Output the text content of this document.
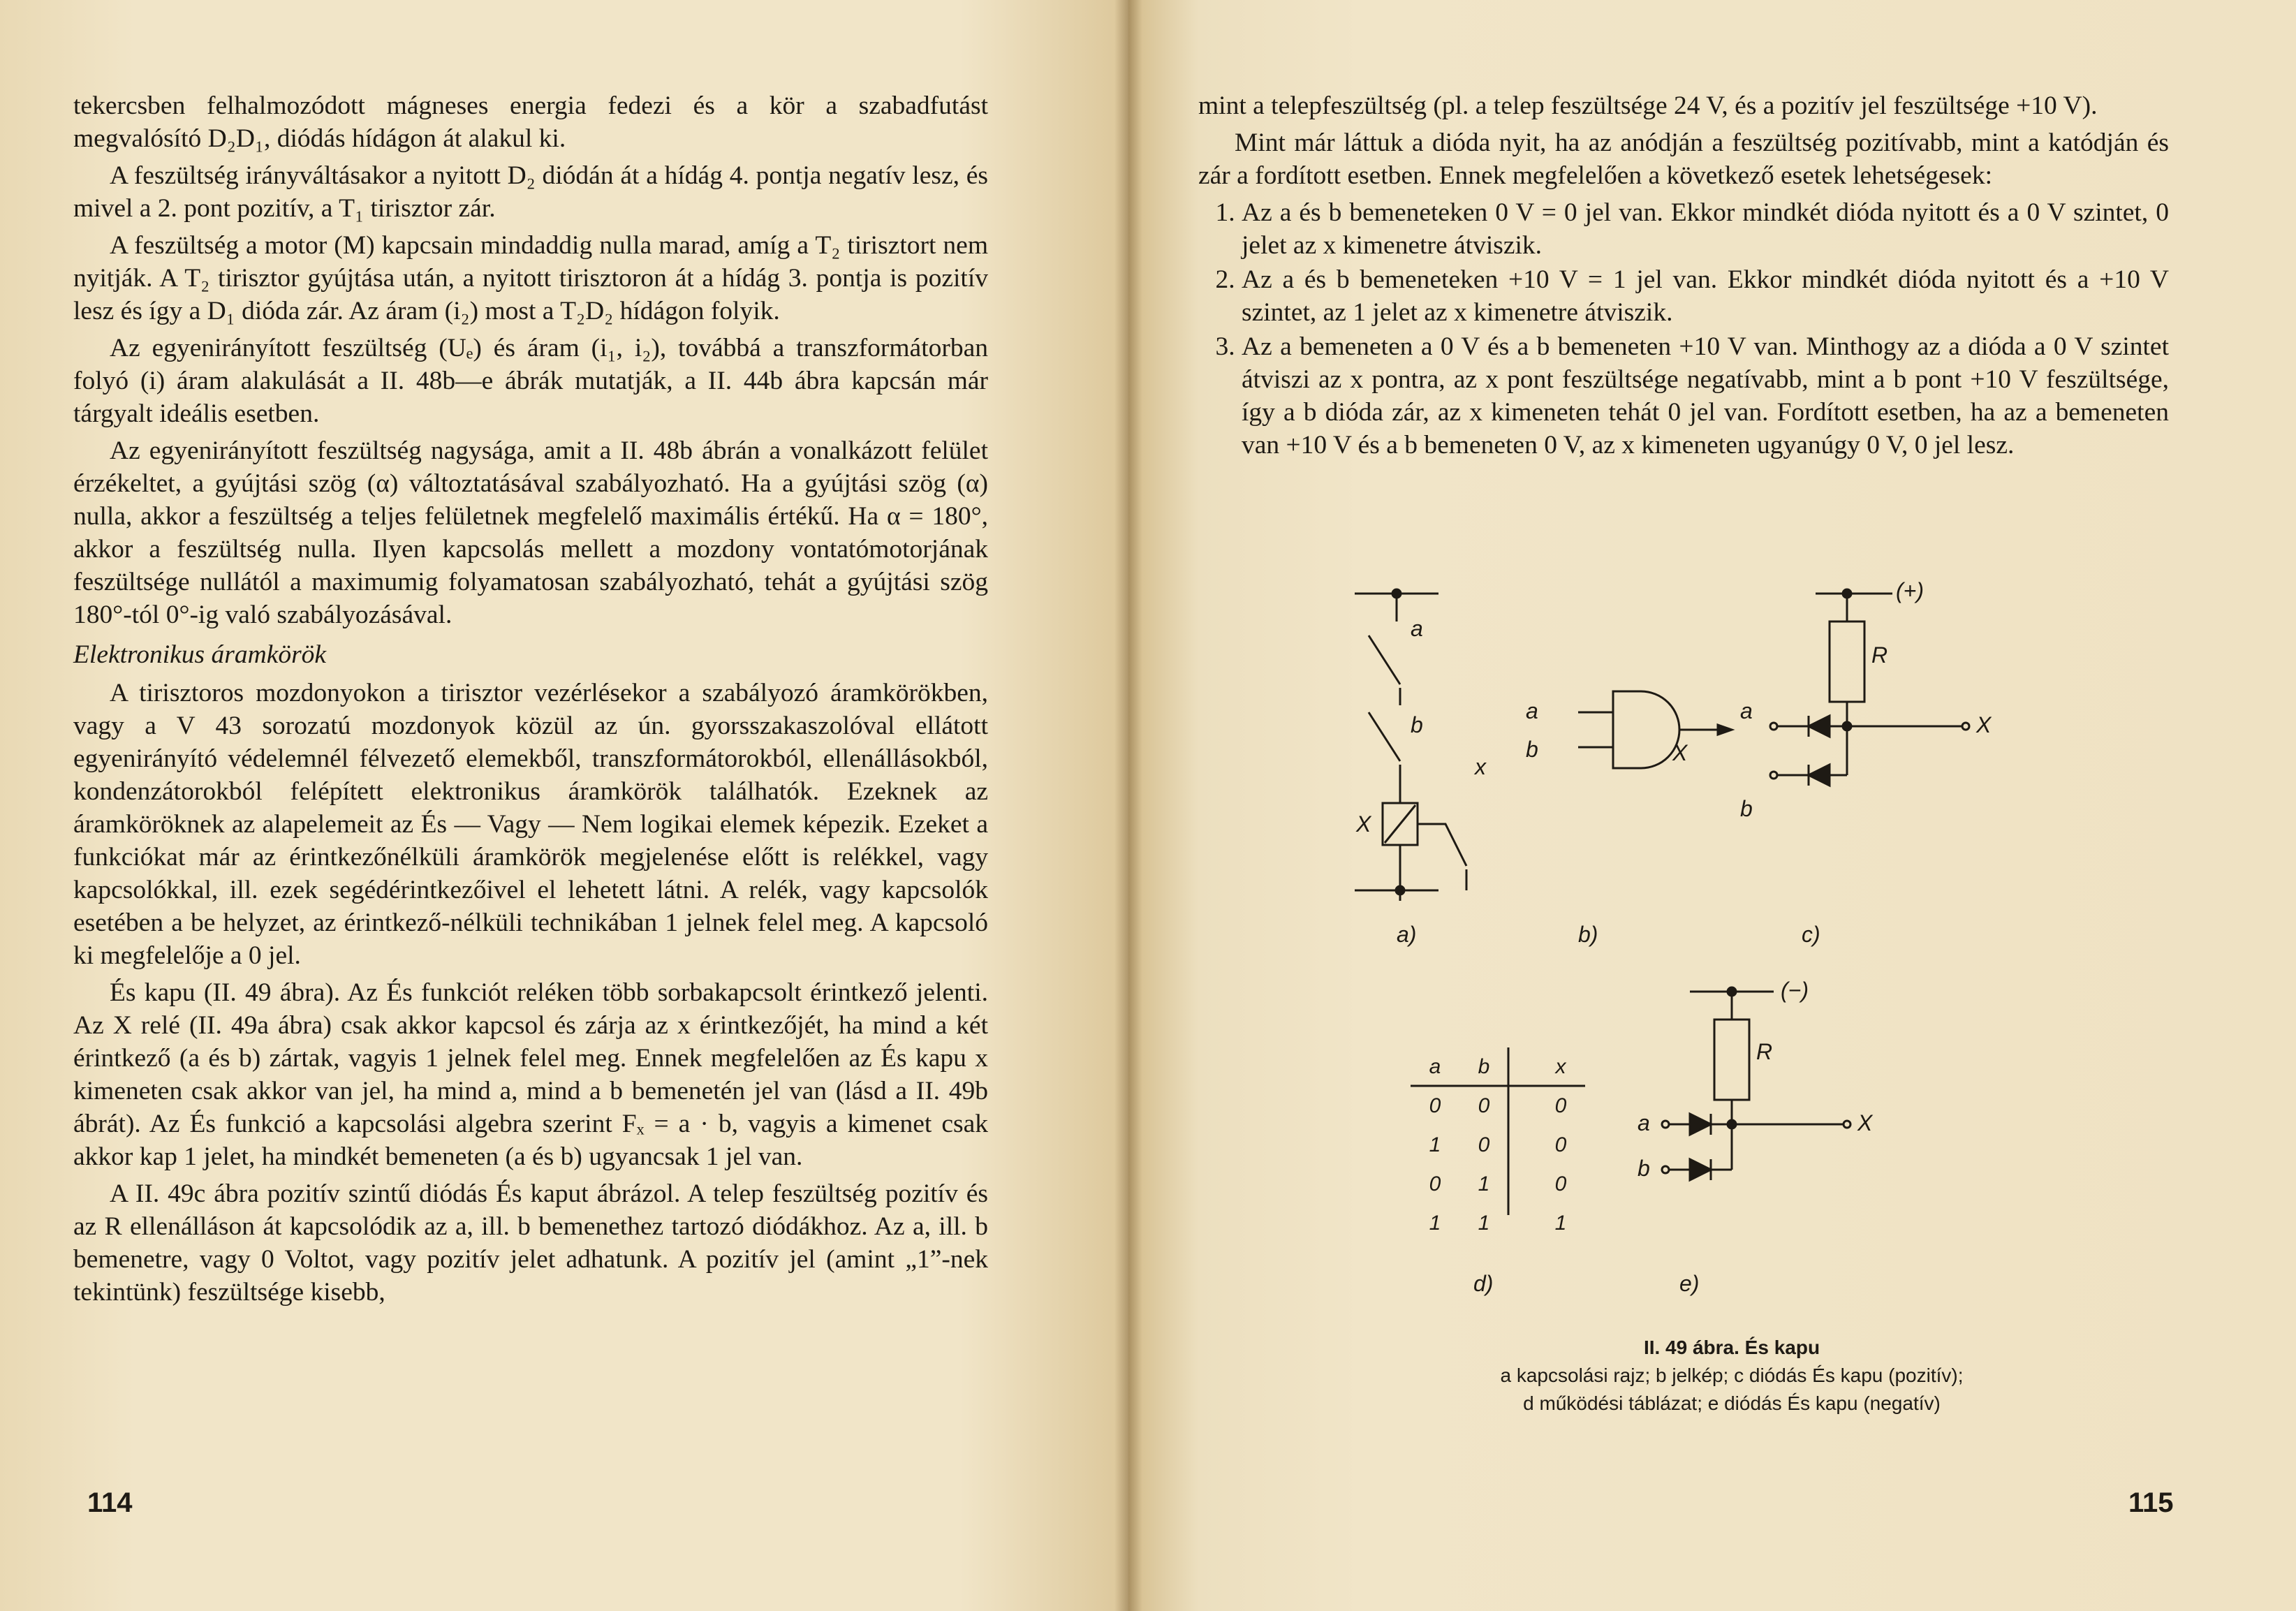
tekercsben felhalmozódott mágneses energia fedezi és a kör a szabadfutást megvalósító D₂D₁, diódás hídágon át alakul ki.

A feszültség irányváltásakor a nyitott D₂ diódán át a hídág 4. pontja negatív lesz, és mivel a 2. pont pozitív, a T₁ tirisztor zár.

A feszültség a motor (M) kapcsain mindaddig nulla marad, amíg a T₂ tirisztort nem nyitják. A T₂ tirisztor gyújtása után, a nyitott tirisztoron át a hídág 3. pontja is pozitív lesz és így a D₁ dióda zár. Az áram (i₂) most a T₂D₂ hídágon folyik.

Az egyenirányított feszültség (Uₑ) és áram (i₁, i₂), továbbá a transzformátorban folyó (i) áram alakulását a II. 48b—e ábrák mutatják, a II. 44b ábra kapcsán már tárgyalt ideális esetben.

Az egyenirányított feszültség nagysága, amit a II. 48b ábrán a vonalkázott felület érzékeltet, a gyújtási szög (α) változtatásával szabályozható. Ha a gyújtási szög (α) nulla, akkor a feszültség a teljes felületnek megfelelő maximális értékű. Ha α = 180°, akkor a feszültség nulla. Ilyen kapcsolás mellett a mozdony vontatómotorjának feszültsége nullától a maximumig folyamatosan szabályozható, tehát a gyújtási szög 180°-tól 0°-ig való szabályozásával.

Elektronikus áramkörök

A tirisztoros mozdonyokon a tirisztor vezérlésekor a szabályozó áramkörökben, vagy a V 43 sorozatú mozdonyok közül az ún. gyorsszakaszolóval ellátott egyenirányító védelemnél félvezető elemekből, transzformátorokból, ellenállásokból, kondenzátorokból felépített elektronikus áramkörök találhatók. Ezeknek az áramköröknek az alapelemeit az És — Vagy — Nem logikai elemek képezik. Ezeket a funkciókat már az érintkezőnélküli áramkörök megjelenése előtt is relékkel, vagy kapcsolókkal, ill. ezek segédérintkezőivel el lehetett látni. A relék, vagy kapcsolók esetében a be helyzet, az érintkező-nélküli technikában 1 jelnek felel meg. A kapcsoló ki megfelelője a 0 jel.

És kapu (II. 49 ábra). Az És funkciót reléken több sorbakapcsolt érintkező jelenti. Az X relé (II. 49a ábra) csak akkor kapcsol és zárja az x érintkezőjét, ha mind a két érintkező (a és b) zártak, vagyis 1 jelnek felel meg. Ennek megfelelően az És kapu x kimeneten csak akkor van jel, ha mind a, mind a b bemenetén jel van (lásd a II. 49b ábrát). Az És funkció a kapcsolási algebra szerint Fₓ = a · b, vagyis a kimenet csak akkor kap 1 jelet, ha mindkét bemeneten (a és b) ugyancsak 1 jel van.

A II. 49c ábra pozitív szintű diódás És kaput ábrázol. A telep feszültség pozitív és az R ellenálláson át kapcsolódik az a, ill. b bemenethez tartozó diódákhoz. Az a, ill. b bemenetre, vagy 0 Voltot, vagy pozitív jelet adhatunk. A pozitív jel (amint „1”-nek tekintünk) feszültsége kisebb,

114

mint a telepfeszültség (pl. a telep feszültsége 24 V, és a pozitív jel feszültsége +10 V).

Mint már láttuk a dióda nyit, ha az anódján a feszültség pozitívabb, mint a katódján és zár a fordított esetben. Ennek megfelelően a következő esetek lehetségesek:

1. Az a és b bemeneteken 0 V = 0 jel van. Ekkor mindkét dióda nyitott és a 0 V szintet, 0 jelet az x kimenetre átviszik.
2. Az a és b bemeneteken +10 V = 1 jel van. Ekkor mindkét dióda nyitott és a +10 V szintet, az 1 jelet az x kimenetre átviszik.
3. Az a bemeneten a 0 V és a b bemeneten +10 V van. Minthogy az a dióda a 0 V szintet átviszi az x pontra, az x pont feszültsége negatívabb, mint a b pont +10 V feszültsége, így a b dióda zár, az x kimeneten tehát 0 jel van. Fordított esetben, ha az a bemeneten van +10 V és a b bemeneten 0 V, az x kimeneten ugyanúgy 0 V, 0 jel lesz.
115
a
b
X
x
a)
a
b	X
b)
(+)
R
a
b
X
c)
a	b	x
0	0	0
1	0	0
0	1	0
1	1	1
d)
(−)
R
a
b
X
e)
II. 49 ábra. És kapu
a kapcsolási rajz; b jelkép; c diódás És kapu (pozitív);
d működési táblázat; e diódás És kapu (negatív)
